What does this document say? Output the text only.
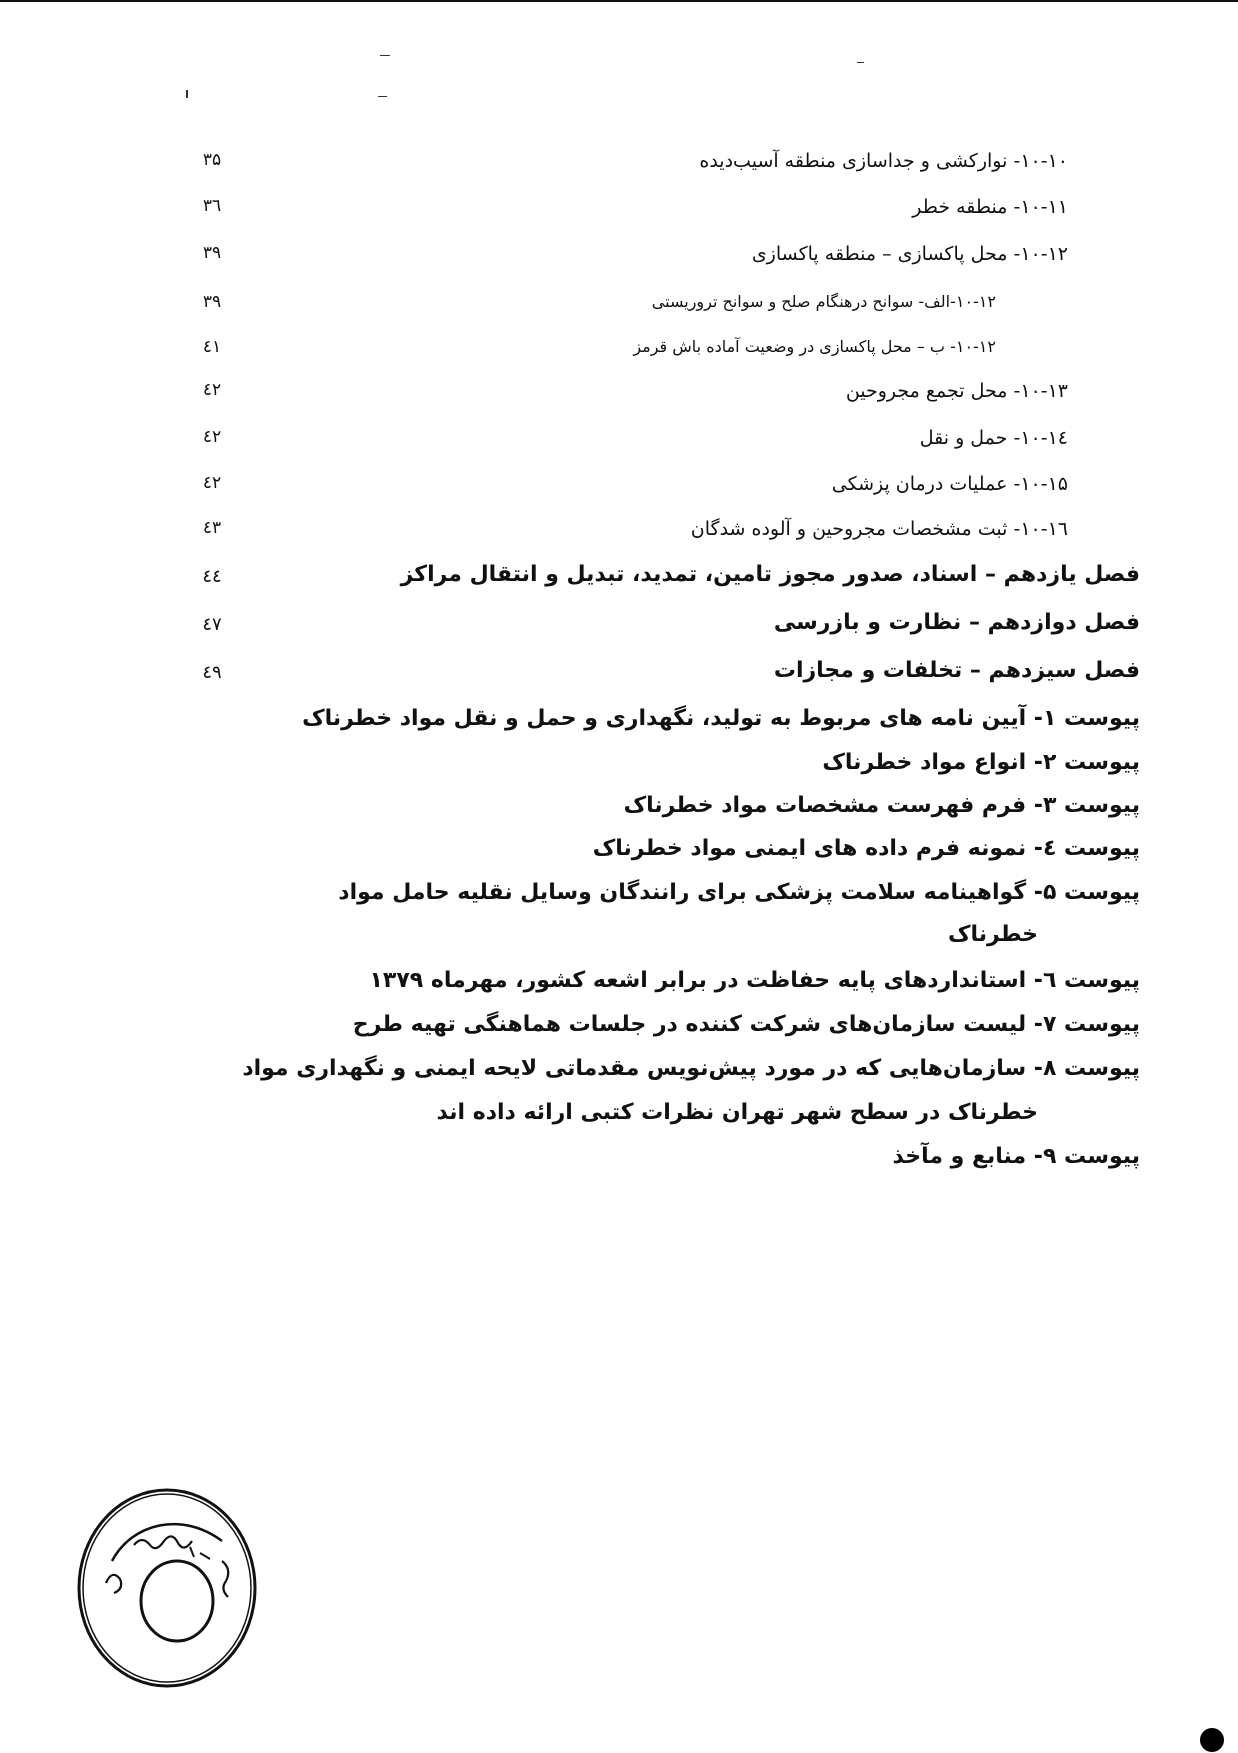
۱۰-۱۰- نوارکشی و جداسازی منطقه آسیب‌دیده
۳۵
۱۰-۱۱- منطقه خطر
۳٦
۱۰-۱۲- محل پاکسازی – منطقه پاکسازی
۳۹
۱۰-۱۲-الف- سوانح درهنگام صلح و سوانح تروریستی
۳۹
۱۰-۱۲- ب – محل پاکسازی در وضعیت آماده باش قرمز
٤۱
۱۰-۱۳- محل تجمع مجروحین
٤۲
۱۰-۱٤- حمل و نقل
٤۲
۱۰-۱۵- عملیات درمان پزشکی
٤۲
۱۰-۱٦- ثبت مشخصات مجروحین و آلوده شدگان
٤۳
فصل یازدهم – اسناد، صدور مجوز تامین، تمدید، تبدیل و انتقال مراکز
٤٤
فصل دوازدهم – نظارت و بازرسی
٤۷
فصل سیزدهم – تخلفات و مجازات
٤۹
پیوست ۱- آیین نامه های مربوط به تولید، نگهداری و حمل و نقل مواد خطرناک
پیوست ۲- انواع مواد خطرناک
پیوست ۳- فرم فهرست مشخصات مواد خطرناک
پیوست ٤- نمونه فرم داده های ایمنی مواد خطرناک
پیوست ۵- گواهینامه سلامت پزشکی برای رانندگان وسایل نقلیه حامل مواد
خطرناک
پیوست ٦- استانداردهای پایه حفاظت در برابر اشعه کشور، مهرماه ۱۳۷۹
پیوست ۷- لیست سازمان‌های شرکت کننده در جلسات هماهنگی تهیه طرح
پیوست ۸- سازمان‌هایی که در مورد پیش‌نویس مقدماتی لایحه ایمنی و نگهداری مواد
خطرناک در سطح شهر تهران نظرات کتبی ارائه داده اند
پیوست ۹- منابع و مآخذ
